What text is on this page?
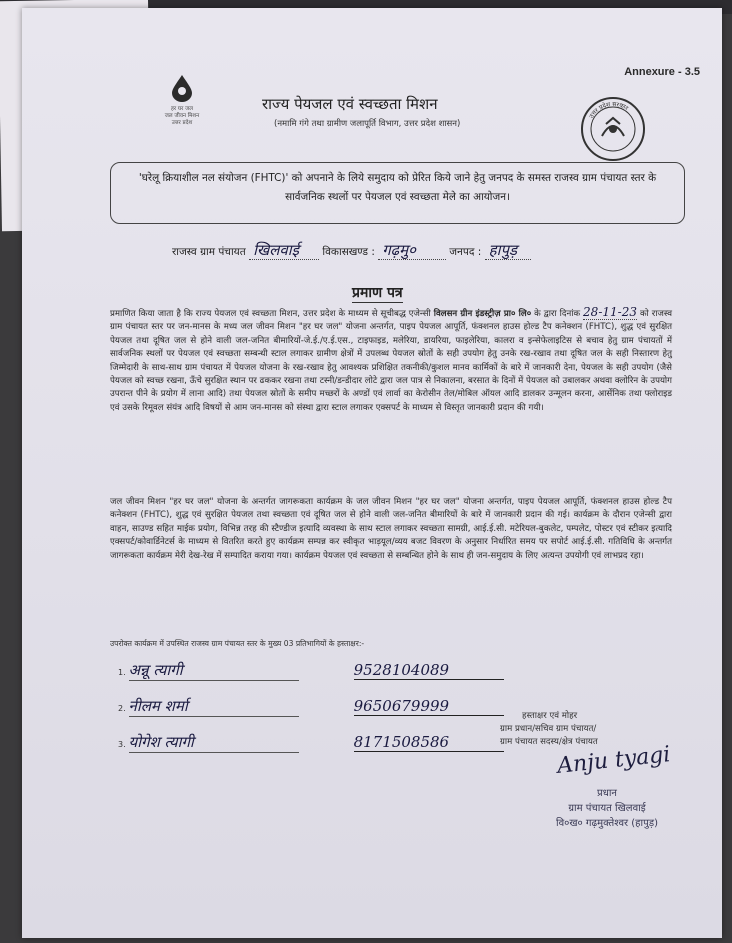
Annexure - 3.5
हर घर जल
जल जीवन मिशन
उत्तर प्रदेश
राज्य पेयजल एवं स्वच्छता मिशन
(नमामि गंगे तथा ग्रामीण जलापूर्ति विभाग, उत्तर प्रदेश शासन)
उत्तर प्रदेश सरकार
'घरेलू क्रियाशील नल संयोजन (FHTC)' को अपनाने के लिये समुदाय को प्रेरित किये जाने हेतु जनपद के समस्त राजस्व ग्राम पंचायत स्तर के सार्वजनिक स्थलों पर पेयजल एवं स्वच्छता मेले का आयोजन।
राजस्व ग्राम पंचायत खिलवाई विकासखण्ड : गढ़मु०	जनपद : हापुड़
प्रमाण पत्र
प्रमाणित किया जाता है कि राज्य पेयजल एवं स्वच्छता मिशन, उत्तर प्रदेश के माध्यम से सूचीबद्ध एजेन्सी विलसन ग्रीन इंडस्ट्रीज़ प्रा० लि० के द्वारा दिनांक 28-11-23 को राजस्व ग्राम पंचायत स्तर पर जन-मानस के मध्य जल जीवन मिशन "हर घर जल" योजना अन्तर्गत, पाइप पेयजल आपूर्ति, फंक्शनल हाउस होल्ड टैप कनेक्शन (FHTC), शुद्ध एवं सुरक्षित पेयजल तथा दूषित जल से होने वाली जल-जनित बीमारियों-जे.ई./ए.ई.एस., टाइफाइड, मलेरिया, डायरिया, फाइलेरिया, कालरा व इन्सेफेलाइटिस से बचाव हेतु ग्राम पंचायतों में सार्वजनिक स्थलों पर पेयजल एवं स्वच्छता सम्बन्धी स्टाल लगाकर ग्रामीण क्षेत्रों में उपलब्ध पेयजल स्रोतों के सही उपयोग हेतु उनके रख-रखाव तथा दूषित जल के सही निस्तारण हेतु जिम्मेदारी के साथ-साथ ग्राम पंचायत में पेयजल योजना के रख-रखाव हेतु आवश्यक प्रशिक्षित तकनीकी/कुशल मानव कार्मिकों के बारे में जानकारी देना, पेयजल के सही उपयोग (जैसे पेयजल को स्वच्छ रखना, ऊँचे सुरक्षित स्थान पर ढककर रखना तथा टस्नी/डन्डीदार लोटे द्वारा जल पात्र से निकालना, बरसात के दिनों में पेयजल को उबालकर अथवा क्लोरिन के उपयोग उपरान्त पीने के प्रयोग में लाना आदि) तथा पेयजल स्रोतों के समीप मच्छरों के अण्डों एवं लार्वा का केरोसीन तेल/मोबिल ऑयल आदि डालकर उन्मूलन करना, आर्सेनिक तथा फ्लोराइड एवं उसके रिमूवल संयंत्र आदि विषयों से आम जन-मानस को संस्था द्वारा स्टाल लगाकर एक्सपर्ट के माध्यम से विस्तृत जानकारी प्रदान की गयी।
जल जीवन मिशन "हर घर जल" योजना के अन्तर्गत जागरूकता कार्यक्रम के जल जीवन मिशन "हर घर जल" योजना अन्तर्गत, पाइप पेयजल आपूर्ति, फंक्शनल हाउस होल्ड टैप कनेक्शन (FHTC), शुद्ध एवं सुरक्षित पेयजल तथा स्वच्छता एवं दूषित जल से होने वाली जल-जनित बीमारियों के बारे में जानकारी प्रदान की गई। कार्यक्रम के दौरान एजेन्सी द्वारा वाहन, साउण्ड सहित माईक प्रयोग, विभिन्न तरह की स्टैण्डीज इत्यादि व्यवस्था के साथ स्टाल लगाकर स्वच्छता सामग्री, आई.ई.सी. मटेरियल-बुकलेट, पम्पलेट, पोस्टर एवं स्टीकर इत्यादि एक्सपर्ट/कोवार्डिनेटर्स के माध्यम से वितरित करते हुए कार्यक्रम सम्पन्न कर स्वीकृत भाड़यूल/व्यय बजट विवरण के अनुसार निर्धारित समय पर सपोर्ट आई.ई.सी. गतिविधि के अन्तर्गत जागरूकता कार्यक्रम मेरी देख-रेख में सम्पादित कराया गया। कार्यक्रम पेयजल एवं स्वच्छता से सम्बन्धित होने के साथ ही जन-समुदाय के लिए अत्यन्त उपयोगी एवं लाभप्रद रहा।
उपरोक्त कार्यक्रम में उपस्थित राजस्व ग्राम पंचायत स्तर के मुख्य 03 प्रतिभागियों के हस्ताक्षर:-
1. अन्नू त्यागी	9528104089
2. नीलम शर्मा	9650679999
3. योगेश त्यागी	8171508586
हस्ताक्षर एवं मोहर
ग्राम प्रधान/सचिव ग्राम पंचायत/
ग्राम पंचायत सदस्य/क्षेत्र पंचायत
Anju tyagi
प्रधान
ग्राम पंचायत खिलवाई
वि०ख० गढ़मुक्तेश्वर (हापुड़)
